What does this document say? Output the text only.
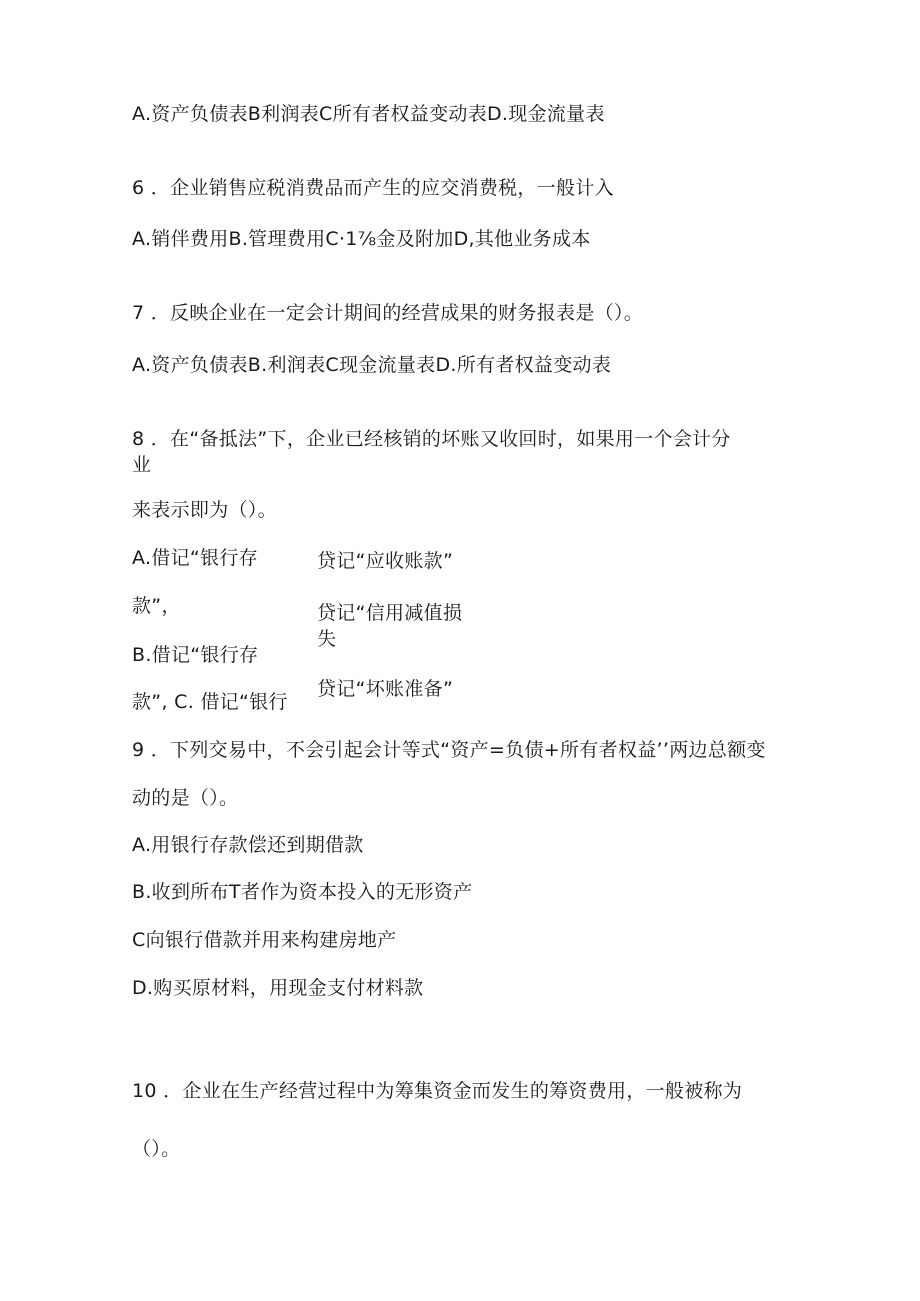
A.资产负债表B利润表C所有者权益变动表D.现金流量表
6 ．企业销售应税消费品而产生的应交消费税，一般计入
A.销伴费用B.管理费用C·1⅞金及附加D,其他业务成本
7 ．反映企业在一定会计期间的经营成果的财务报表是（）。
A.资产负债表B.利润表C现金流量表D.所有者权益变动表
8 ．在“备抵法”下，企业已经核销的坏账又收回时，如果用一个会计分
业
来表示即为（）。
A.借记“银行存	贷记“应收账款”
款”，	贷记“信用减值损
失
B.借记“银行存
贷记“坏账准备”
款”, C. 借记“银行
9 ．下列交易中，不会引起会计等式“资产=负债+所有者权益’’两边总额变
动的是（）。
A.用银行存款偿还到期借款
B.收到所布T者作为资本投入的无形资产
C向银行借款并用来构建房地产
D.购买原材料，用现金支付材料款
10 ．企业在生产经营过程中为筹集资金而发生的筹资费用，一般被称为
（）。
